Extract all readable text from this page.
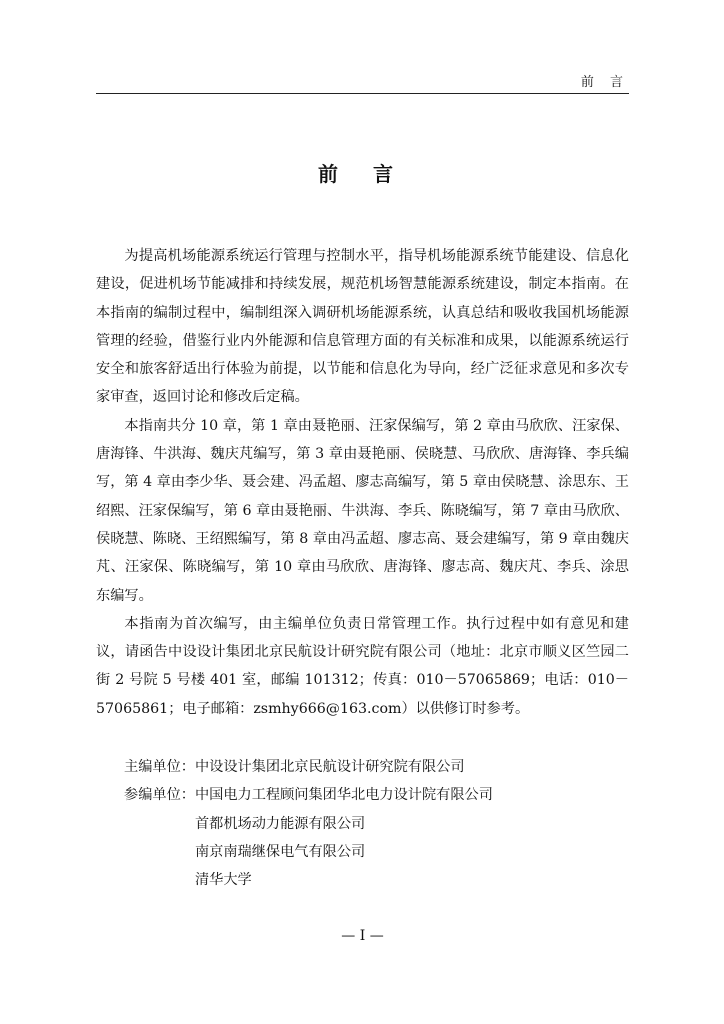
前 言
前 言

为提高机场能源系统运行管理与控制水平，指导机场能源系统节能建设、信息化建设，促进机场节能减排和持续发展，规范机场智慧能源系统建设，制定本指南。在本指南的编制过程中，编制组深入调研机场能源系统，认真总结和吸收我国机场能源管理的经验，借鉴行业内外能源和信息管理方面的有关标准和成果，以能源系统运行安全和旅客舒适出行体验为前提，以节能和信息化为导向，经广泛征求意见和多次专家审查，返回讨论和修改后定稿。

本指南共分 10 章，第 1 章由聂艳丽、汪家保编写，第 2 章由马欣欣、汪家保、唐海锋、牛洪海、魏庆芃编写，第 3 章由聂艳丽、侯晓慧、马欣欣、唐海锋、李兵编写，第 4 章由李少华、聂会建、冯孟超、廖志高编写，第 5 章由侯晓慧、涂思东、王绍熙、汪家保编写，第 6 章由聂艳丽、牛洪海、李兵、陈晓编写，第 7 章由马欣欣、侯晓慧、陈晓、王绍熙编写，第 8 章由冯孟超、廖志高、聂会建编写，第 9 章由魏庆芃、汪家保、陈晓编写，第 10 章由马欣欣、唐海锋、廖志高、魏庆芃、李兵、涂思东编写。

本指南为首次编写，由主编单位负责日常管理工作。执行过程中如有意见和建议，请函告中设设计集团北京民航设计研究院有限公司（地址：北京市顺义区竺园二街 2 号院 5 号楼 401 室，邮编 101312；传真：010－57065869；电话：010－57065861；电子邮箱：zsmhy666@163.com）以供修订时参考。

主编单位： 中设设计集团北京民航设计研究院有限公司
参编单位： 中国电力工程顾问集团华北电力设计院有限公司
首都机场动力能源有限公司
南京南瑞继保电气有限公司
清华大学
— I —
